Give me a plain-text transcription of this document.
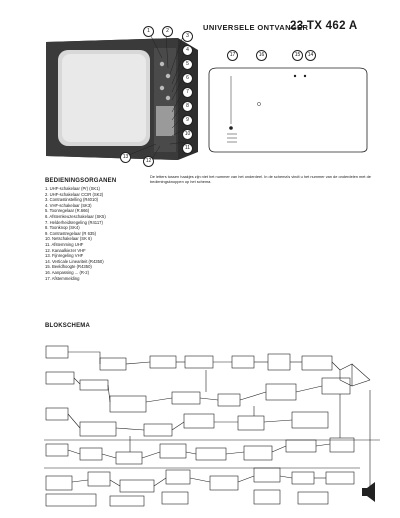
UNIVERSELE ONTVANGER
23 TX 462 A
1	2
3
4
5
6
7
8
9
10
11
12
13
17	16	15	14
De letters tussen haakjes zijn niet het nummer van het onderdeel. In de schema's vindt u het nummer van de onderdelen met de bedieningsknoppen op het schema.
BEDIENINGSORGANEN
1. UHF-schakelaar (Pr) (SK1)
2. UHF-schakelaar CCIR (SK2)
3. Contrastinstelling (R4010)
4. VHF-schakelaar (SK3)
5. Toonregelaar (R.666)
6. Afstemkeuzeschakelaar (SK5)
7. Helderheidsregeling (R4117)
8. Toonknop (SK4)
9. Contrastregelaar (R 635)
10. Netschakelaar (SK 6)
11. Afstemming UHF
12. Kanaalkiezer VHF
13. Fijnregeling VHF
14. Verticale Lineariteit (R4350)
15. Beeldhoogte (R4350)
16. Aanpassing ... (R-2)
17. Afstemmelding
BLOKSCHEMA
